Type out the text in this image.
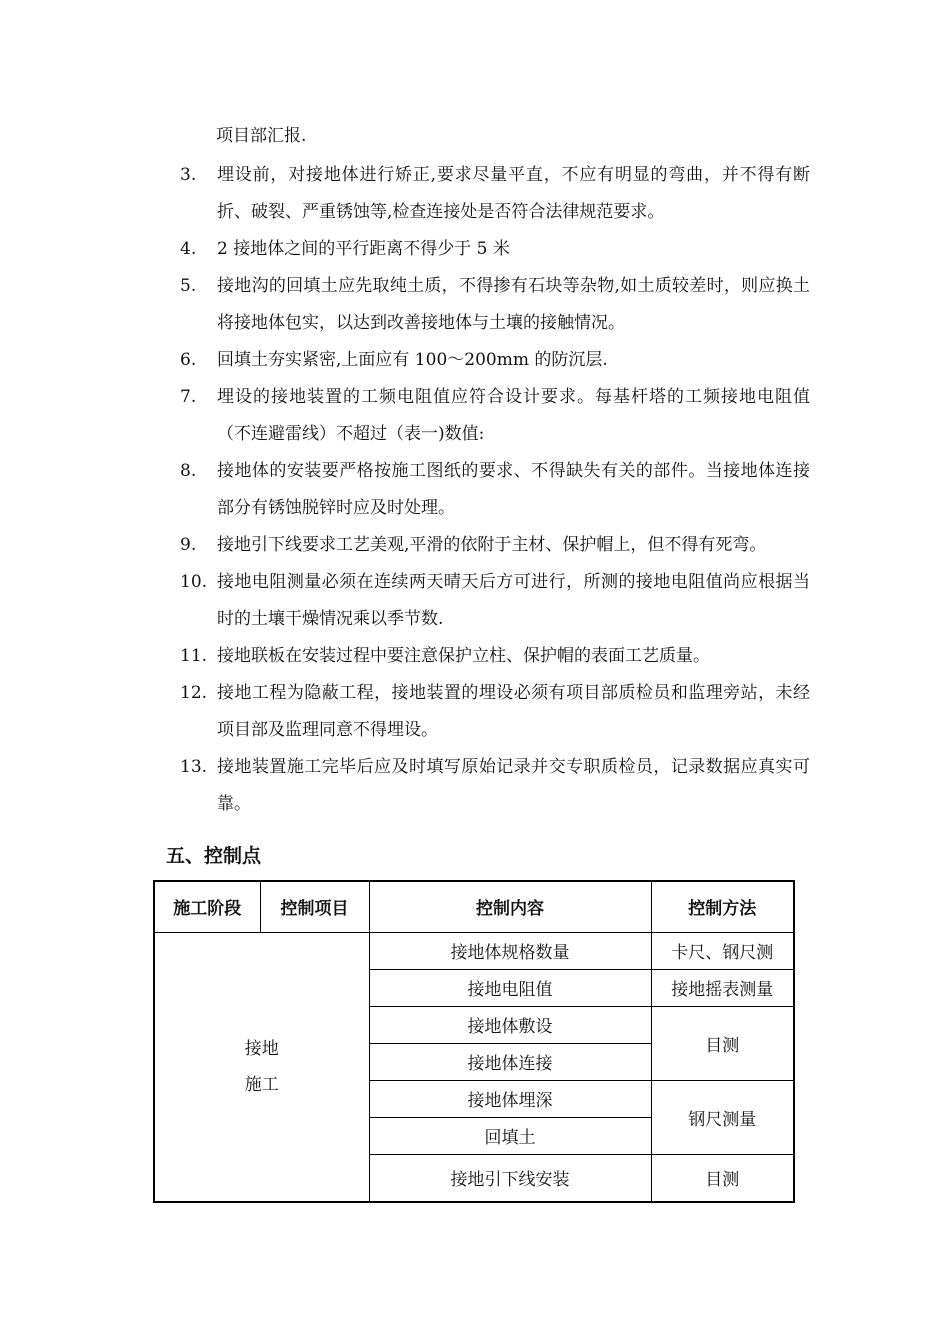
项目部汇报.
3.	埋设前，对接地体进行矫正,要求尽量平直，不应有明显的弯曲，并不得有断折、破裂、严重锈蚀等,检查连接处是否符合法律规范要求。
4.	2 接地体之间的平行距离不得少于 5 米
5.	接地沟的回填土应先取纯土质，不得掺有石块等杂物,如土质较差时，则应换土将接地体包实，以达到改善接地体与土壤的接触情况。
6.	回填土夯实紧密,上面应有 100～200mm 的防沉层.
7.	埋设的接地装置的工频电阻值应符合设计要求。每基杆塔的工频接地电阻值（不连避雷线）不超过（表一)数值:
8.	接地体的安装要严格按施工图纸的要求、不得缺失有关的部件。当接地体连接部分有锈蚀脱锌时应及时处理。
9.	接地引下线要求工艺美观,平滑的依附于主材、保护帽上，但不得有死弯。
10. 接地电阻测量必须在连续两天晴天后方可进行，所测的接地电阻值尚应根据当时的土壤干燥情况乘以季节数.
11. 接地联板在安装过程中要注意保护立柱、保护帽的表面工艺质量。
12. 接地工程为隐蔽工程，接地装置的埋设必须有项目部质检员和监理旁站，未经项目部及监理同意不得埋设。
13. 接地装置施工完毕后应及时填写原始记录并交专职质检员，记录数据应真实可靠。
五、控制点
施工阶段	控制项目	控制内容	控制方法

接地
施工		接地体规格数量	卡尺、钢尺测
		接地电阻值	接地摇表测量
		接地体敷设	目测
		接地体连接	
		接地体埋深	钢尺测量
		回填土	
		接地引下线安装	目测
